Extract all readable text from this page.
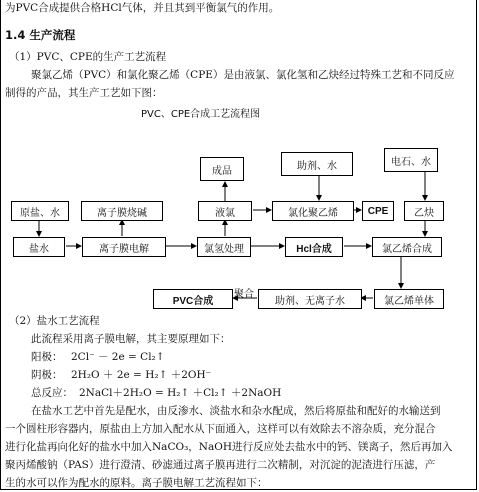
为PVC合成提供合格HCl气体，并且其到平衡氯气的作用。
1.4 生产流程
（1）PVC、CPE的生产工艺流程
聚氯乙烯（PVC）和氯化聚乙烯（CPE）是由液氯、氯化氢和乙炔经过特殊工艺和不同反应
制得的产品，其生产工艺如下图：
PVC、CPE合成工艺流程图
成品	助剂、水	电石、水
原盐、水	离子膜烧碱	液氯	氯化聚乙烯	CPE	乙炔
盐水	离子膜电解	氯氢处理	Hcl合成	氯乙烯合成
PVC合成	助剂、无离子水	氯乙烯单体
聚合
（2）盐水工艺流程
此流程采用离子膜电解，其主要原理如下：
阳极： 2Cl⁻ － 2e = Cl₂↑
阴极： 2H₂O ＋ 2e = H₂↑ ＋2OH⁻
总反应： 2NaCl＋2H₂O = H₂↑ ＋Cl₂↑ ＋2NaOH
在盐水工艺中首先是配水，由反渗水、淡盐水和杂水配成，然后将原盐和配好的水输送到
一个圆柱形容器内，原盐由上方加入配水从下面通入，这样可以有效除去不溶杂质，充分混合
进行化盐再向化好的盐水中加入NaCO₃，NaOH进行反应处去盐水中的钙、镁离子，然后再加入
聚丙烯酸钠（PAS）进行澄清、砂滤通过离子膜再进行二次精制，对沉淀的泥渣进行压滤，产
生的水可以作为配水的原料。离子膜电解工艺流程如下：
